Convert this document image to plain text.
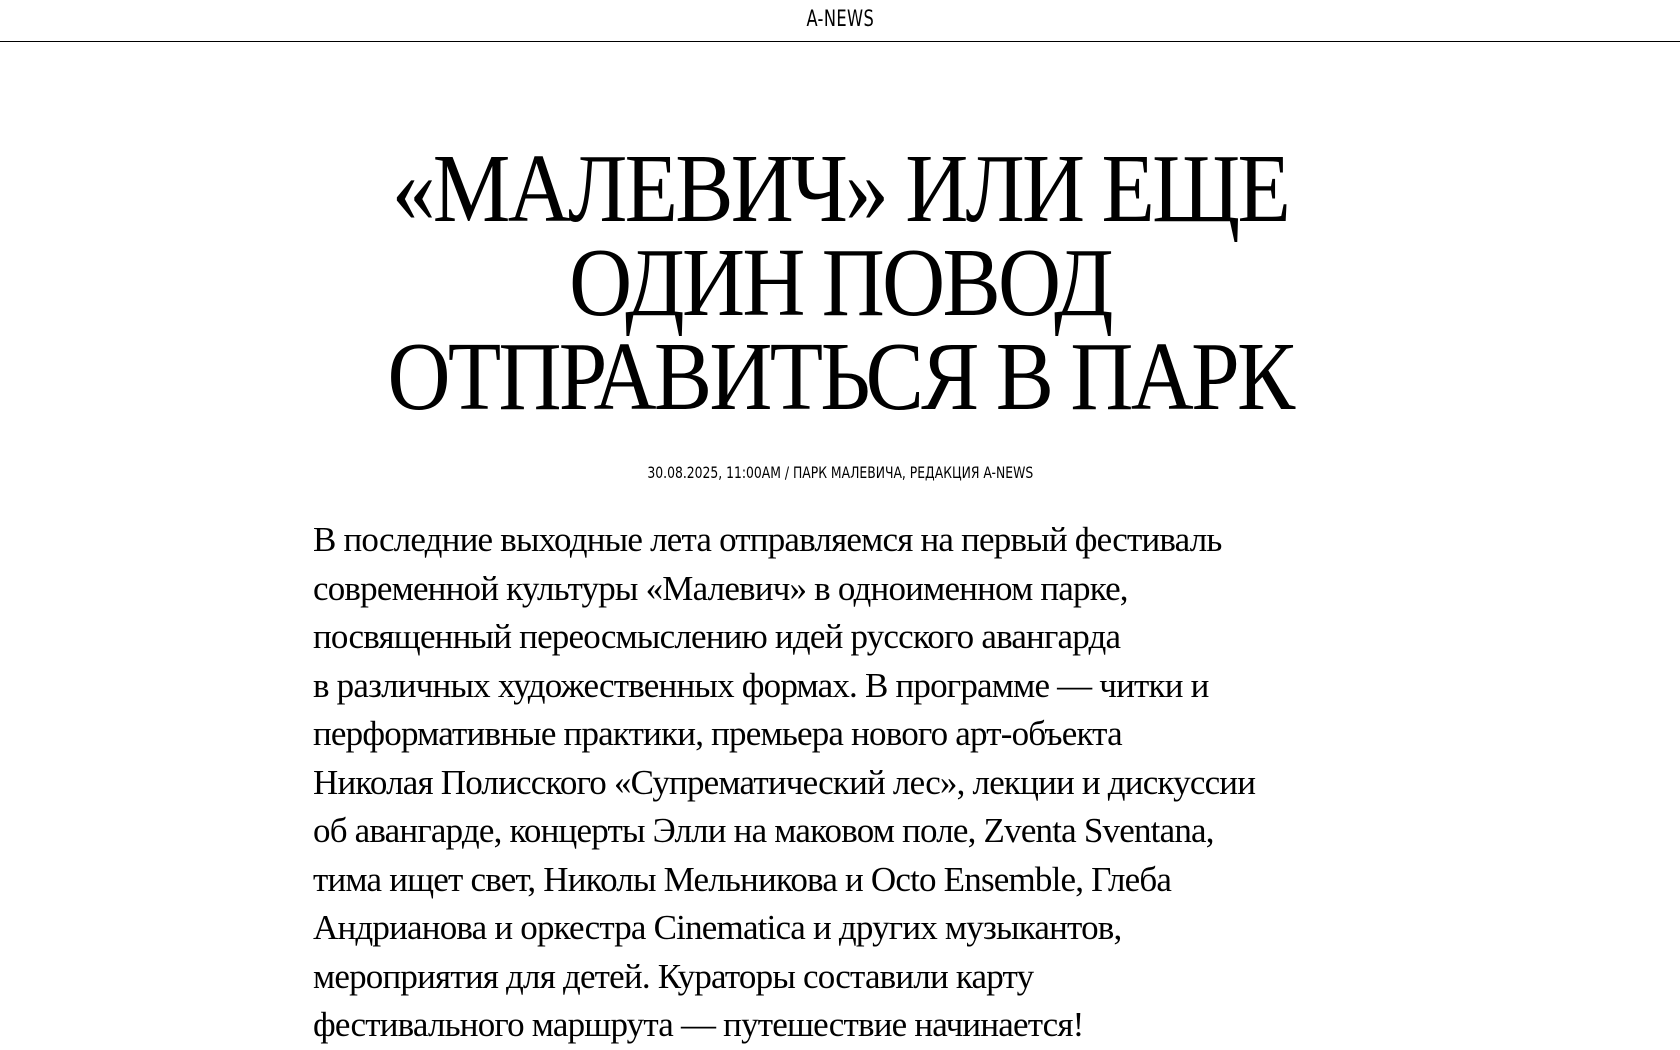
A-NEWS
«МАЛЕВИЧ» ИЛИ ЕЩЕ
ОДИН ПОВОД
ОТПРАВИТЬСЯ В ПАРК
30.08.2025, 11:00AM / ПАРК МАЛЕВИЧА, РЕДАКЦИЯ A-NEWS

В последние выходные лета отправляемся на первый фестиваль
современной культуры «Малевич» в одноименном парке,
посвященный переосмыслению идей русского авангарда
в различных художественных формах. В программе — читки и
перформативные практики, премьера нового арт-объекта
Николая Полисского «Супрематический лес», лекции и дискуссии
об авангарде, концерты Элли на маковом поле, Zventa Sventana,
тима ищет свет, Николы Мельникова и Octo Ensemble, Глеба
Андрианова и оркестра Cinematica и других музыкантов,
мероприятия для детей. Кураторы составили карту
фестивального маршрута — путешествие начинается!
